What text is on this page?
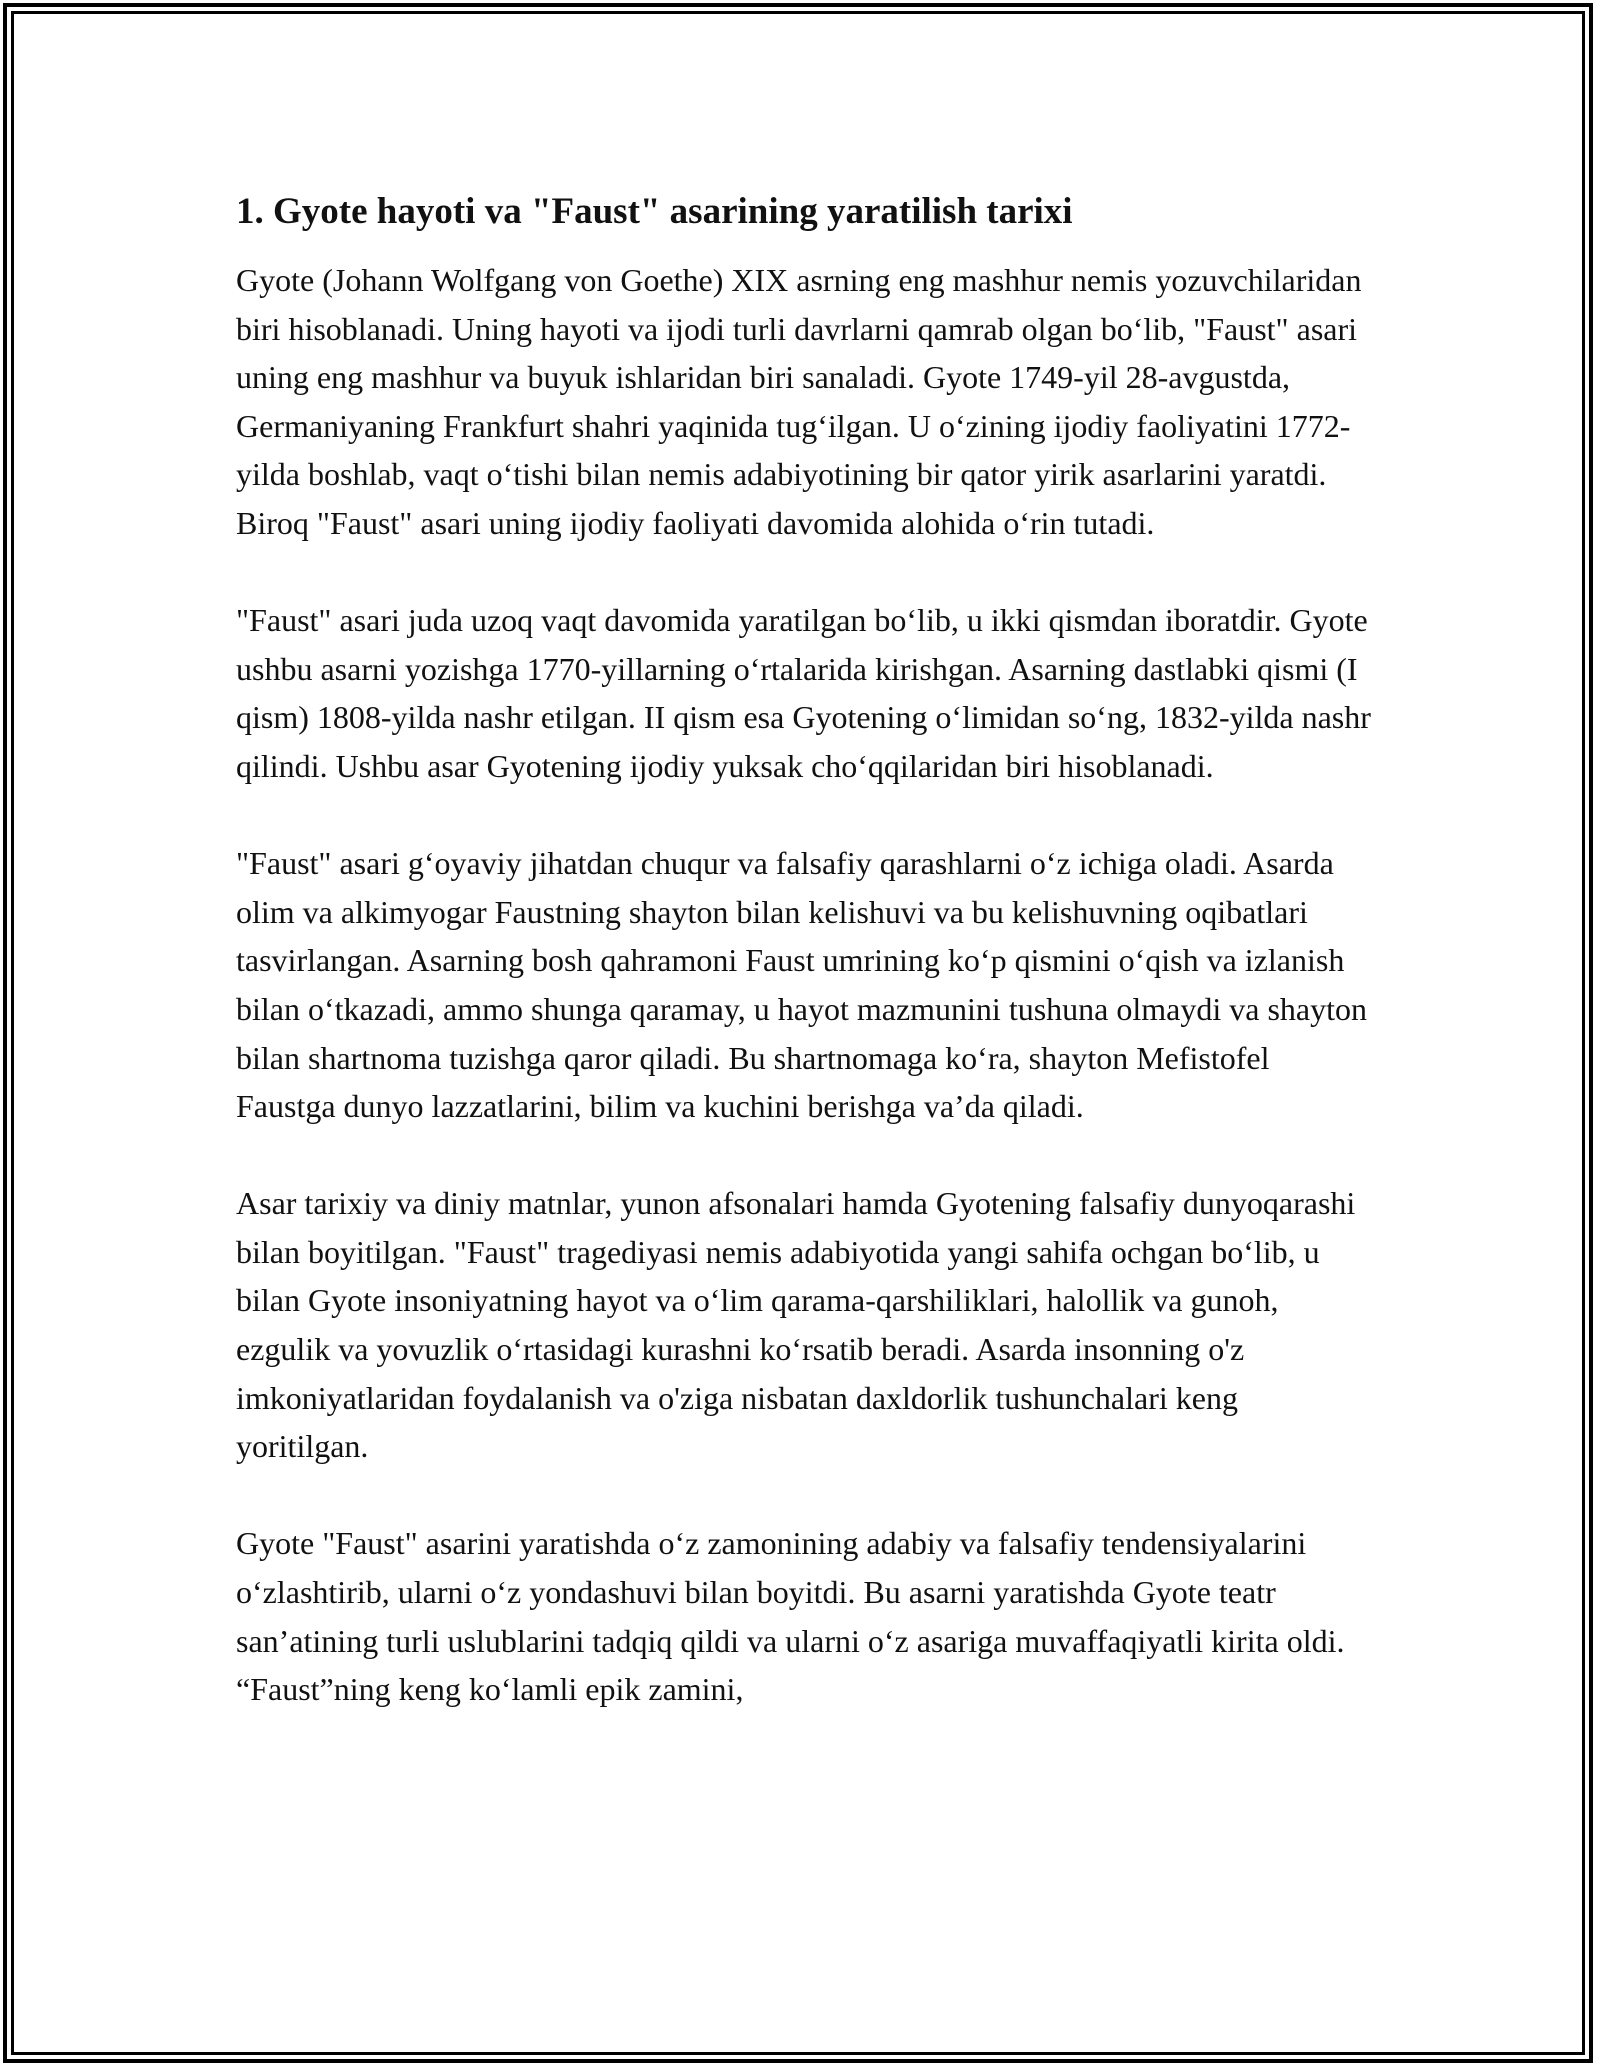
1. Gyote hayoti va "Faust" asarining yaratilish tarixi

Gyote (Johann Wolfgang von Goethe) XIX asrning eng mashhur nemis yozuvchilaridan biri hisoblanadi. Uning hayoti va ijodi turli davrlarni qamrab olgan bo‘lib, "Faust" asari uning eng mashhur va buyuk ishlaridan biri sanaladi. Gyote 1749-yil 28-avgustda, Germaniyaning Frankfurt shahri yaqinida tug‘ilgan. U o‘zining ijodiy faoliyatini 1772-yilda boshlab, vaqt o‘tishi bilan nemis adabiyotining bir qator yirik asarlarini yaratdi. Biroq "Faust" asari uning ijodiy faoliyati davomida alohida o‘rin tutadi.

"Faust" asari juda uzoq vaqt davomida yaratilgan bo‘lib, u ikki qismdan iboratdir. Gyote ushbu asarni yozishga 1770-yillarning o‘rtalarida kirishgan. Asarning dastlabki qismi (I qism) 1808-yilda nashr etilgan. II qism esa Gyotening o‘limidan so‘ng, 1832-yilda nashr qilindi. Ushbu asar Gyotening ijodiy yuksak cho‘qqilaridan biri hisoblanadi.

"Faust" asari g‘oyaviy jihatdan chuqur va falsafiy qarashlarni o‘z ichiga oladi. Asarda olim va alkimyogar Faustning shayton bilan kelishuvi va bu kelishuvning oqibatlari tasvirlangan. Asarning bosh qahramoni Faust umrining ko‘p qismini o‘qish va izlanish bilan o‘tkazadi, ammo shunga qaramay, u hayot mazmunini tushuna olmaydi va shayton bilan shartnoma tuzishga qaror qiladi. Bu shartnomaga ko‘ra, shayton Mefistofel Faustga dunyo lazzatlarini, bilim va kuchini berishga va’da qiladi.

Asar tarixiy va diniy matnlar, yunon afsonalari hamda Gyotening falsafiy dunyoqarashi bilan boyitilgan. "Faust" tragediyasi nemis adabiyotida yangi sahifa ochgan bo‘lib, u bilan Gyote insoniyatning hayot va o‘lim qarama-qarshiliklari, halollik va gunoh, ezgulik va yovuzlik o‘rtasidagi kurashni ko‘rsatib beradi. Asarda insonning o'z imkoniyatlaridan foydalanish va o'ziga nisbatan daxldorlik tushunchalari keng yoritilgan.

Gyote "Faust" asarini yaratishda o‘z zamonining adabiy va falsafiy tendensiyalarini o‘zlashtirib, ularni o‘z yondashuvi bilan boyitdi. Bu asarni yaratishda Gyote teatr san’atining turli uslublarini tadqiq qildi va ularni o‘z asariga muvaffaqiyatli kirita oldi. “Faust”ning keng ko‘lamli epik zamini,
